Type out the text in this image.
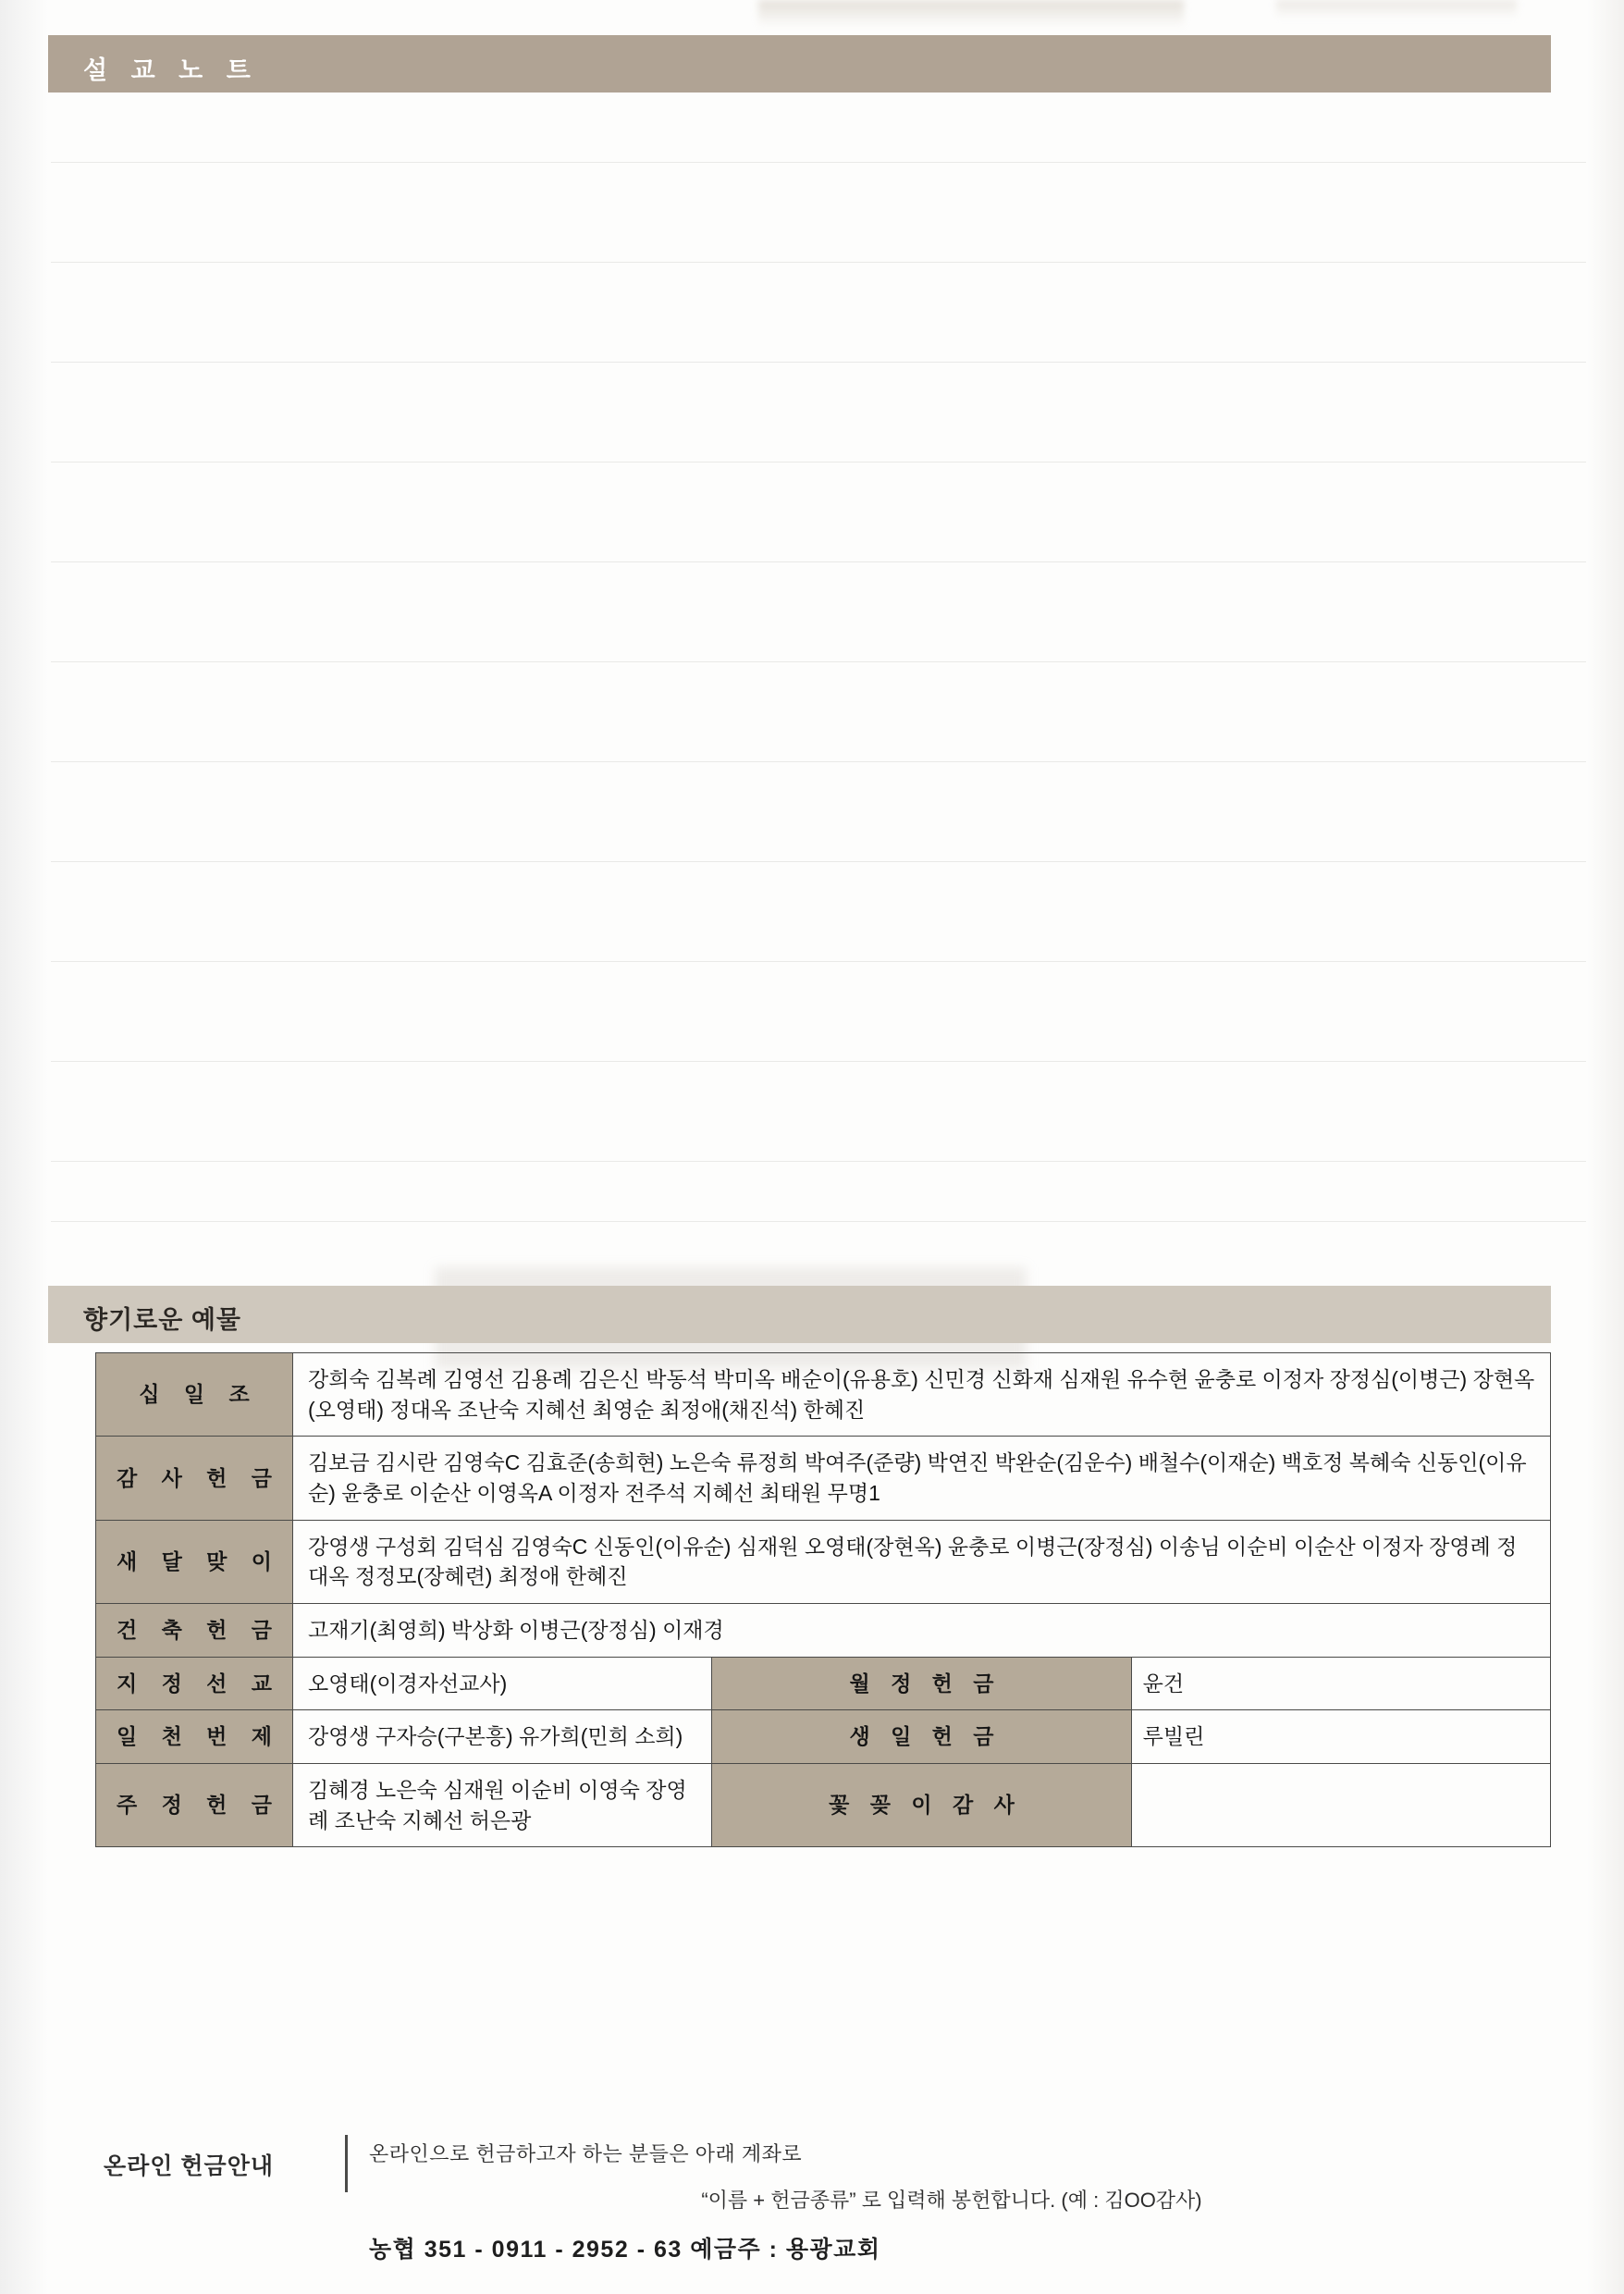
설 교 노 트
향기로운 예물
십 일 조	강희숙 김복례 김영선 김용례 김은신 박동석 박미옥 배순이(유용호) 신민경 신화재 심재원 유수현 윤충로 이정자 장정심(이병근) 장현옥(오영태) 정대옥 조난숙 지혜선 최영순 최정애(채진석) 한혜진		
감 사 헌 금	김보금 김시란 김영숙C 김효준(송희현) 노은숙 류정희 박여주(준량) 박연진 박완순(김운수) 배철수(이재순) 백호정 복혜숙 신동인(이유순) 윤충로 이순산 이영옥A 이정자 전주석 지혜선 최태원 무명1		
새 달 맞 이	강영생 구성회 김덕심 김영숙C 신동인(이유순) 심재원 오영태(장현옥) 윤충로 이병근(장정심) 이송님 이순비 이순산 이정자 장영례 정대옥 정정모(장혜련) 최정애 한혜진		
건 축 헌 금	고재기(최영희) 박상화 이병근(장정심) 이재경		
지 정 선 교	오영태(이경자선교사)	월 정 헌 금	윤건
일 천 번 제	강영생 구자승(구본흥) 유가희(민희 소희)	생 일 헌 금	루빌린
주 정 헌 금	김혜경 노은숙 심재원 이순비 이영숙 장영례 조난숙 지혜선 허은광	꽃 꽂 이 감 사	
온라인 헌금안내	온라인으로 헌금하고자 하는 분들은 아래 계좌로
“이름 + 헌금종류” 로 입력해 봉헌합니다. (예 : 김OO감사)
농협 351 - 0911 - 2952 - 63 예금주 : 용광교회
